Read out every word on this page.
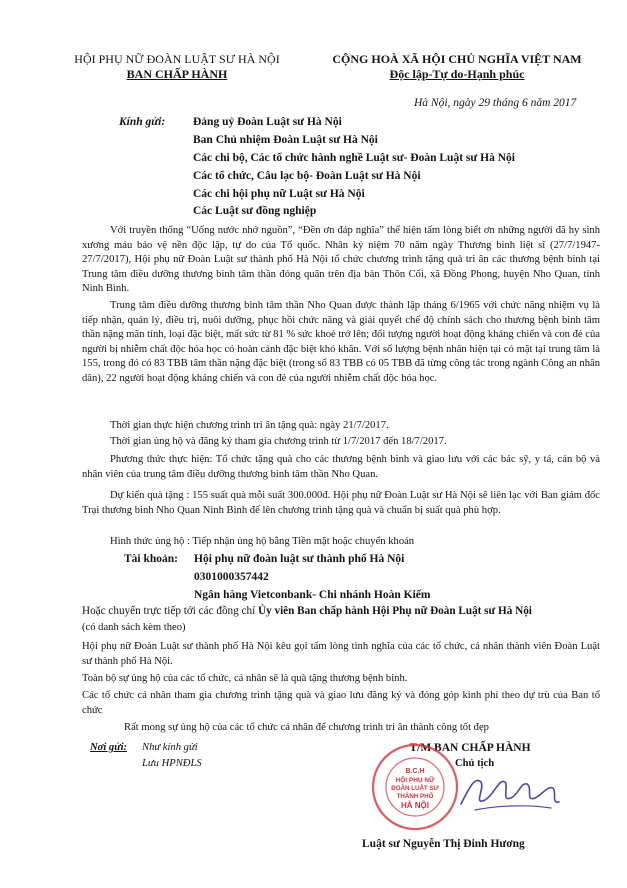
HỘI PHỤ NỮ ĐOÀN LUẬT SƯ HÀ NỘI
BAN CHẤP HÀNH
CỘNG HOÀ XÃ HỘI CHỦ NGHĨA VIỆT NAM
Độc lập-Tự do-Hạnh phúc
Hà Nội, ngày 29 tháng 6 năm 2017
Kính gửi: Đảng uỷ Đoàn Luật sư Hà Nội
Ban Chủ nhiệm Đoàn Luật sư Hà Nội
Các chi bộ, Các tổ chức hành nghề Luật sư- Đoàn Luật sư Hà Nội
Các tổ chức, Câu lạc bộ- Đoàn Luật sư Hà Nội
Các chi hội phụ nữ Luật sư Hà Nội
Các Luật sư đồng nghiệp

Với truyền thống “Uống nước nhớ nguồn”, “Đền ơn đáp nghĩa” thể hiện tấm lòng biết ơn những người đã hy sinh xương máu bảo vệ nền độc lập, tự do của Tổ quốc. Nhân kỷ niệm 70 năm ngày Thương binh liệt sĩ (27/7/1947-27/7/2017), Hội phụ nữ Đoàn Luật sư thành phố Hà Nội tổ chức chương trình tặng quà tri ân các thương bệnh binh tại Trung tâm điều dưỡng thương binh tâm thần đóng quân trên địa bàn Thôn Cổi, xã Đồng Phong, huyện Nho Quan, tỉnh Ninh Bình.

Trung tâm điều dưỡng thương binh tâm thần Nho Quan được thành lập tháng 6/1965 với chức năng nhiệm vụ là tiếp nhận, quản lý, điều trị, nuôi dưỡng, phục hồi chức năng và giải quyết chế độ chính sách cho thương bệnh binh tâm thần nặng mãn tính, loại đặc biệt, mất sức từ 81 % sức khoẻ trở lên; đối tượng người hoạt động kháng chiến và con đẻ của người bị nhiễm chất độc hóa học có hoàn cảnh đặc biệt khó khăn. Với số lượng bệnh nhân hiện tại có mặt tại trung tâm là 155, trong đó có 83 TBB tâm thần nặng đặc biệt (trong số 83 TBB có 05 TBB đã từng công tác trong ngành Công an nhân dân), 22 người hoạt động kháng chiến và con đẻ của người nhiễm chất độc hóa học.

Thời gian thực hiện chương trình tri ân tặng quà: ngày 21/7/2017.
Thời gian ủng hộ và đăng ký tham gia chương trình từ 1/7/2017 đến 18/7/2017.

Phương thức thực hiện: Tổ chức tặng quà cho các thương bệnh binh và giao lưu với các bác sỹ, y tá, cán bộ và nhân viên của trung tâm điều dưỡng thương binh tâm thần Nho Quan.

Dự kiến quà tặng : 155 suất quà mỗi suất 300.000đ. Hội phụ nữ Đoàn Luật sư Hà Nội sẽ liên lạc với Ban giám đốc Trại thương binh Nho Quan Ninh Bình để lên chương trình tặng quà và chuẩn bị suất quà phù hợp.

Hình thức ủng hộ : Tiếp nhận ủng hộ bằng Tiền mặt hoặc chuyển khoản
Tài khoản: Hội phụ nữ đoàn luật sư thành phố Hà Nội
0301000357442
Ngân hàng Vietconbank- Chi nhánh Hoàn Kiếm
Hoặc chuyển trực tiếp tới các đồng chí Ủy viên Ban chấp hành Hội Phụ nữ Đoàn Luật sư Hà Nội
(có danh sách kèm theo)

Hội phụ nữ Đoàn Luật sư thành phố Hà Nội kêu gọi tấm lòng tình nghĩa của các tổ chức, cá nhân thành viên Đoàn Luật sư thành phố Hà Nội.

Toàn bộ sự ủng hộ của các tổ chức, cá nhân sẽ là quà tặng thương bệnh binh.

Các tổ chức cá nhân tham gia chương trình tặng quà và giao lưu đăng ký và đóng góp kinh phí theo dự trù của Ban tổ chức

Rất mong sự ủng hộ của các tổ chức cá nhân để chương trình tri ân thành công tốt đẹp
Nơi gửi: Như kính gửi
Lưu HPNĐLS
T/M BAN CHẤP HÀNH
Chủ tịch
B.C.H
HỘI PHỤ NỮ
ĐOÀN LUẬT SƯ
THÀNH PHỐ
HÀ NỘI
Luật sư Nguyễn Thị Đinh Hương
